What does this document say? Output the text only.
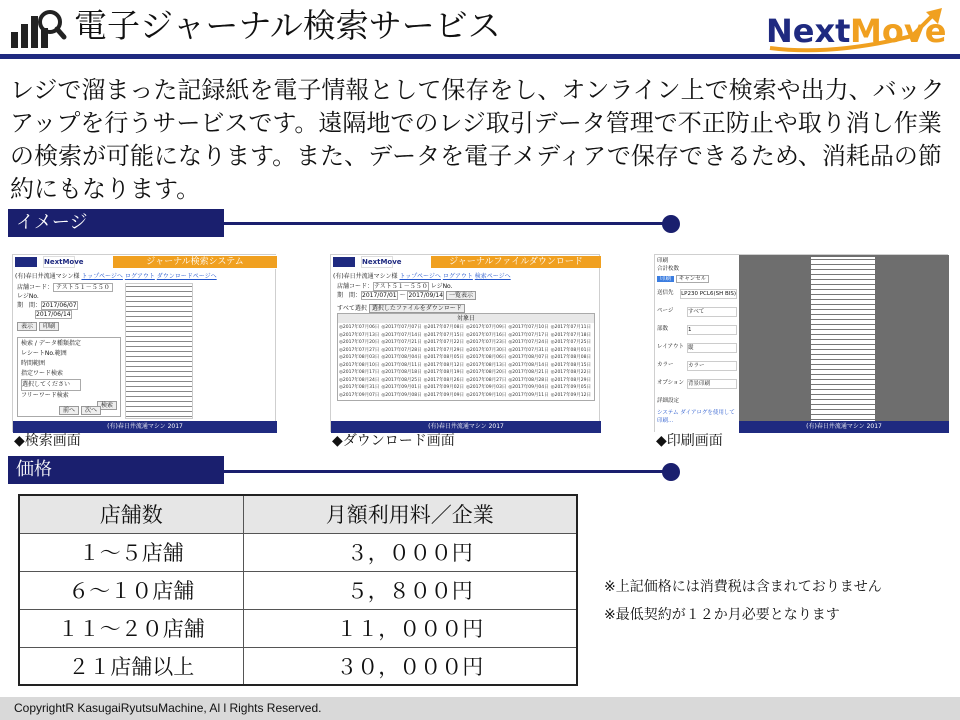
電子ジャーナル検索サービス	Next Move

レジで溜まった記録紙を電子情報として保存をし、オンライン上で検索や出力、バックアップを行うサービスです。遠隔地でのレジ取引データ管理で不正防止や取り消し作業の検索が可能になります。また、データを電子メディアで保存できるため、消耗品の節約にもなります。

イメージ
NextMove	ジャーナル検索システム
(有)春日井流通マシン様 トップページへ ログアウト ダウンロードページへ
店舗コード： テスト５１－５５０
レジNo.
期　間：2017/06/07
2017/06/14
表示 印刷
検索 / データ種類指定
レシートNo.範囲
時間範囲
指定ワード検索
選択してください
フリーワード検索
検索
前へ 次へ
(有)春日井流通マシン 2017
◆検索画面
NextMove	ジャーナルファイルダウンロード
(有)春日井流通マシン様 トップページへ ログアウト 検索ページへ
店舗コード：テスト５１－５５０ レジNo.
期　間：2017/07/01 ～ 2017/09/14 一覧表示
すべて選択 選択したファイルをダウンロード
対象日
◎2017年07月06日 ◎2017年07月07日 ◎2017年07月08日 ◎2017年07月09日 ◎2017年07月10日 ◎2017年07月11日
◎2017年07月13日 ◎2017年07月14日 ◎2017年07月15日 ◎2017年07月16日 ◎2017年07月17日 ◎2017年07月18日
◎2017年07月20日 ◎2017年07月21日 ◎2017年07月22日 ◎2017年07月23日 ◎2017年07月24日 ◎2017年07月25日
◎2017年07月27日 ◎2017年07月28日 ◎2017年07月29日 ◎2017年07月30日 ◎2017年07月31日 ◎2017年08月01日
◎2017年08月03日 ◎2017年08月04日 ◎2017年08月05日 ◎2017年08月06日 ◎2017年08月07日 ◎2017年08月08日
◎2017年08月10日 ◎2017年08月11日 ◎2017年08月12日 ◎2017年08月13日 ◎2017年08月14日 ◎2017年08月15日
◎2017年08月17日 ◎2017年08月18日 ◎2017年08月19日 ◎2017年08月20日 ◎2017年08月21日 ◎2017年08月22日
◎2017年08月24日 ◎2017年08月25日 ◎2017年08月26日 ◎2017年08月27日 ◎2017年08月28日 ◎2017年08月29日
◎2017年08月31日 ◎2017年09月01日 ◎2017年09月02日 ◎2017年09月03日 ◎2017年09月04日 ◎2017年09月05日
◎2017年09月07日 ◎2017年09月08日 ◎2017年09月09日 ◎2017年09月10日 ◎2017年09月11日 ◎2017年09月12日
(有)春日井流通マシン 2017
◆ダウンロード画面
印刷
合計枚数
印刷 キャンセル
送信先	LP230 PCL6(SH BIS)
ページ	すべて
部数	1
レイアウト 縦
カラー	カラー
オプション 背景印刷
詳細設定
システム ダイアログを使用して印刷...
(有)春日井流通マシン 2017
◆印刷画面
価格
店舗数	月額利用料／企業
１～５店舗	３，０００円
６～１０店舗	５，８００円
１１～２０店舗	１１，０００円
２１店舗以上	３０，０００円
※上記価格には消費税は含まれておりません
※最低契約が１２か月必要となります
CopyrightR KasugaiRyutsuMachine, Al l Rights Reserved.
